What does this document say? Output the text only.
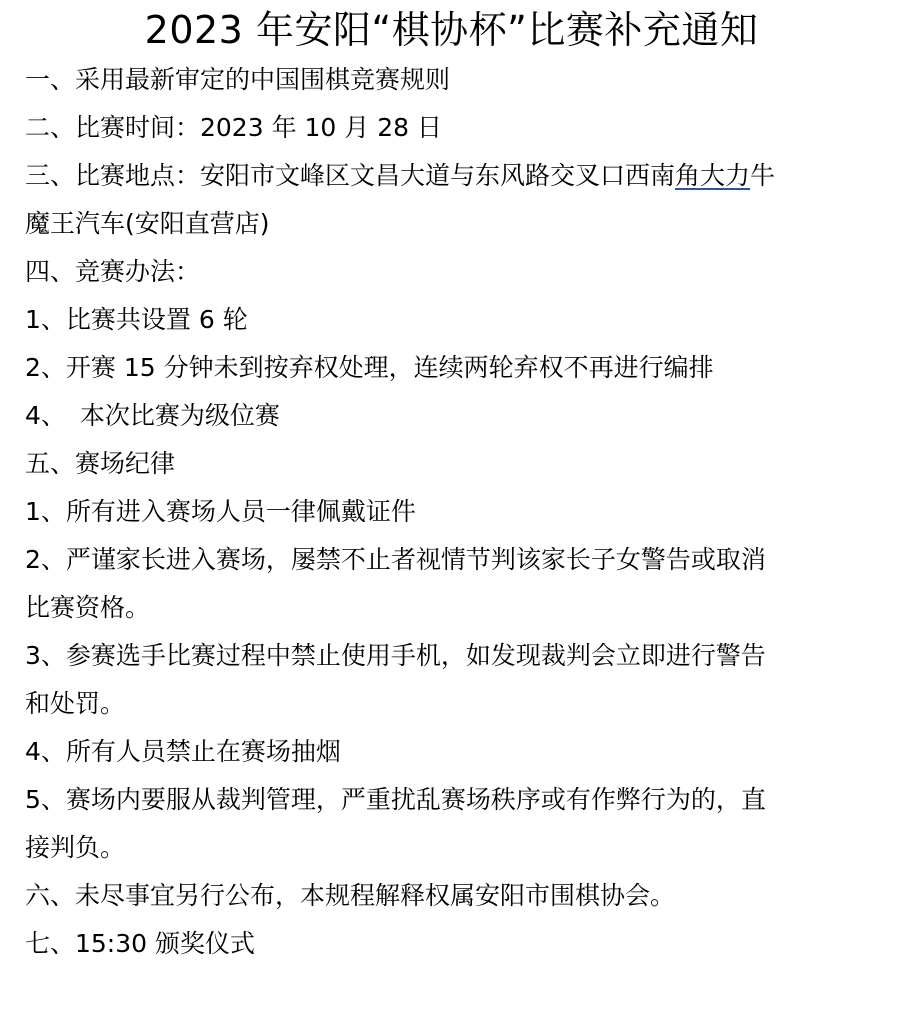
2023 年安阳“棋协杯”比赛补充通知
一、采用最新审定的中国围棋竞赛规则
二、比赛时间：2023 年 10 月 28 日
三、比赛地点：安阳市文峰区文昌大道与东风路交叉口西南角大力牛
魔王汽车(安阳直营店)
四、竞赛办法：
1、比赛共设置 6 轮
2、开赛 15 分钟未到按弃权处理，连续两轮弃权不再进行编排
4、 本次比赛为级位赛
五、赛场纪律
1、所有进入赛场人员一律佩戴证件
2、严谨家长进入赛场，屡禁不止者视情节判该家长子女警告或取消
比赛资格。
3、参赛选手比赛过程中禁止使用手机，如发现裁判会立即进行警告
和处罚。
4、所有人员禁止在赛场抽烟
5、赛场内要服从裁判管理，严重扰乱赛场秩序或有作弊行为的，直
接判负。
六、未尽事宜另行公布，本规程解释权属安阳市围棋协会。
七、15:30 颁奖仪式
